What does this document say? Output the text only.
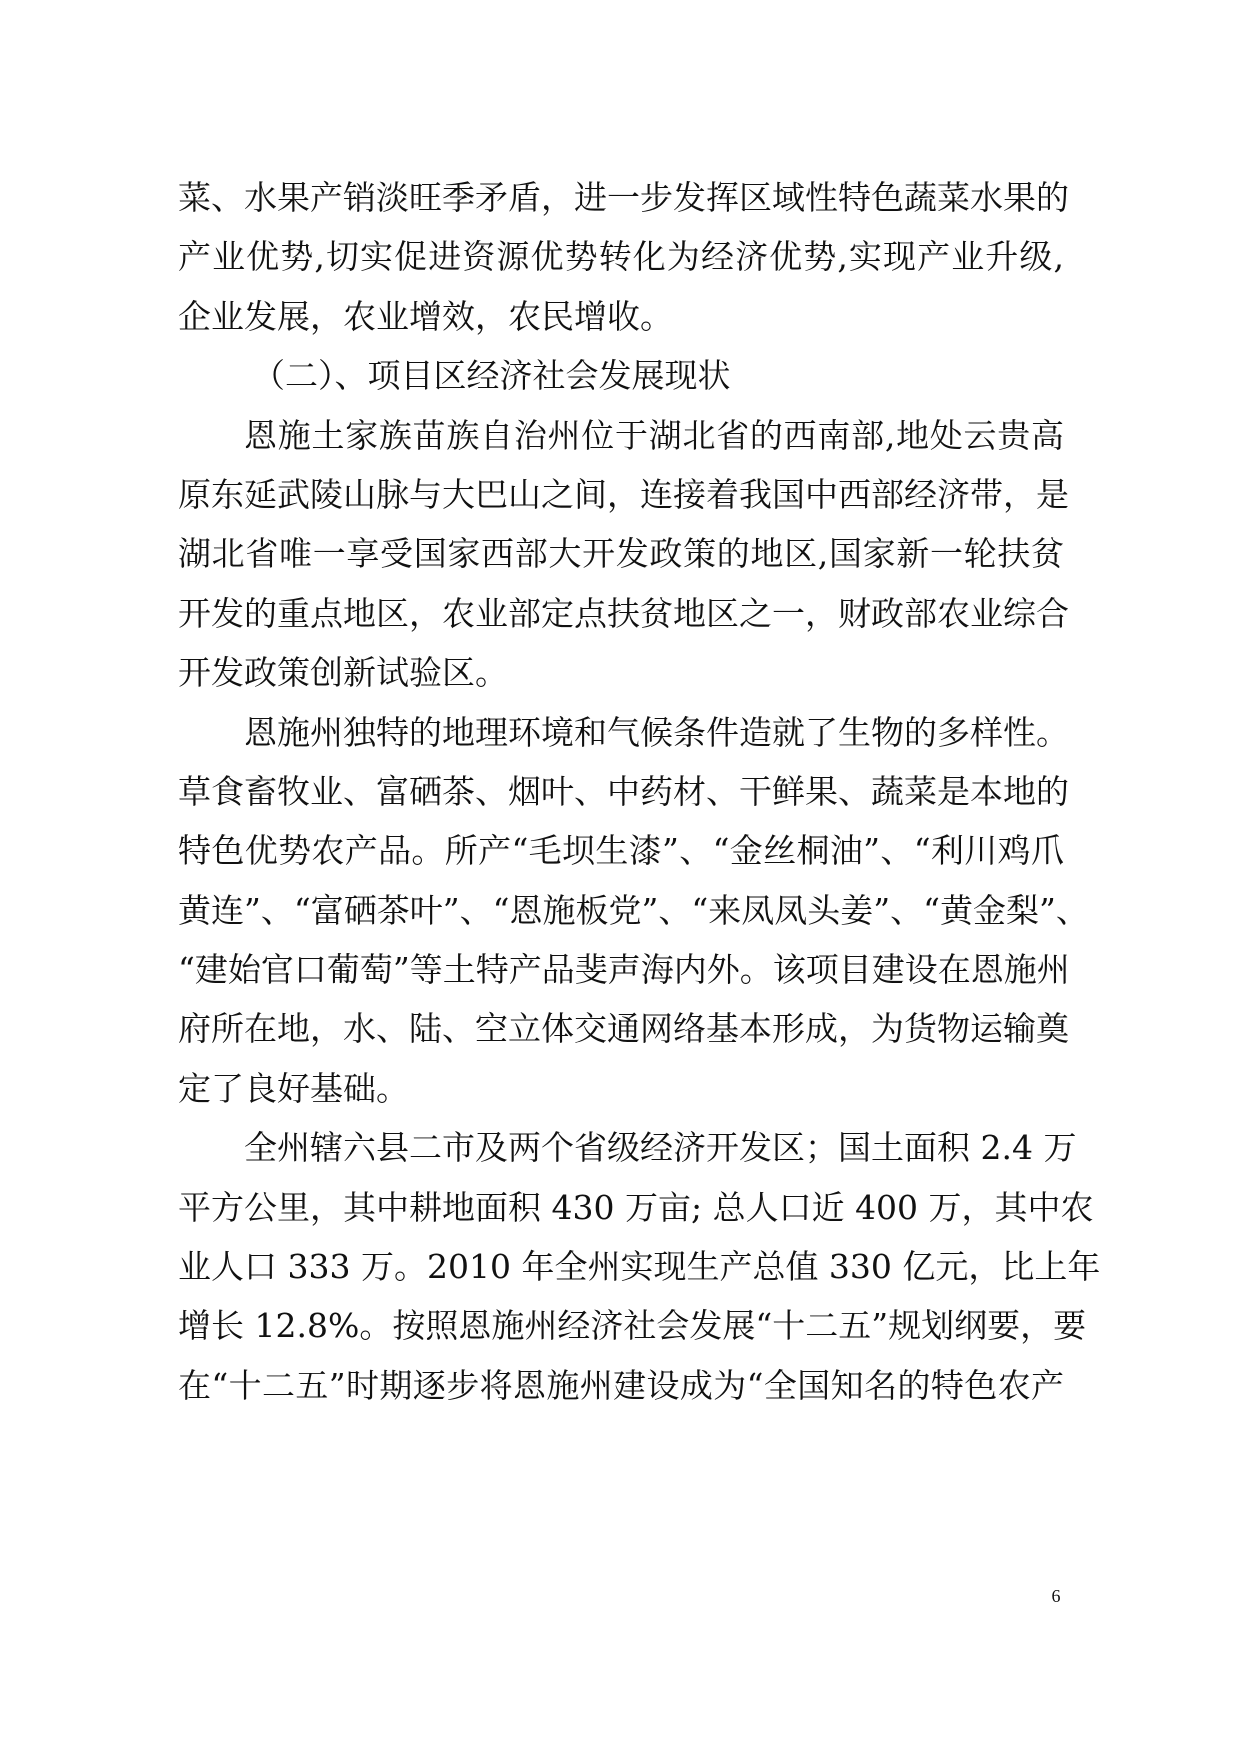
菜、水果产销淡旺季矛盾，进一步发挥区域性特色蔬菜水果的
产业优势,切实促进资源优势转化为经济优势,实现产业升级,
企业发展，农业增效，农民增收。
（二）、项目区经济社会发展现状
恩施土家族苗族自治州位于湖北省的西南部,地处云贵高
原东延武陵山脉与大巴山之间，连接着我国中西部经济带，是
湖北省唯一享受国家西部大开发政策的地区,国家新一轮扶贫
开发的重点地区，农业部定点扶贫地区之一，财政部农业综合
开发政策创新试验区。
恩施州独特的地理环境和气候条件造就了生物的多样性。
草食畜牧业、富硒茶、烟叶、中药材、干鲜果、蔬菜是本地的
特色优势农产品。所产“毛坝生漆”、“金丝桐油”、“利川鸡爪
黄连”、“富硒茶叶”、“恩施板党”、“来凤凤头姜”、“黄金梨”、
“建始官口葡萄”等土特产品斐声海内外。该项目建设在恩施州
府所在地，水、陆、空立体交通网络基本形成，为货物运输奠
定了良好基础。
全州辖六县二市及两个省级经济开发区；国土面积 2.4 万
平方公里，其中耕地面积 430 万亩; 总人口近 400 万，其中农
业人口 333 万。2010 年全州实现生产总值 330 亿元，比上年
增长 12.8%。按照恩施州经济社会发展“十二五”规划纲要，要
在“十二五”时期逐步将恩施州建设成为“全国知名的特色农产
6
